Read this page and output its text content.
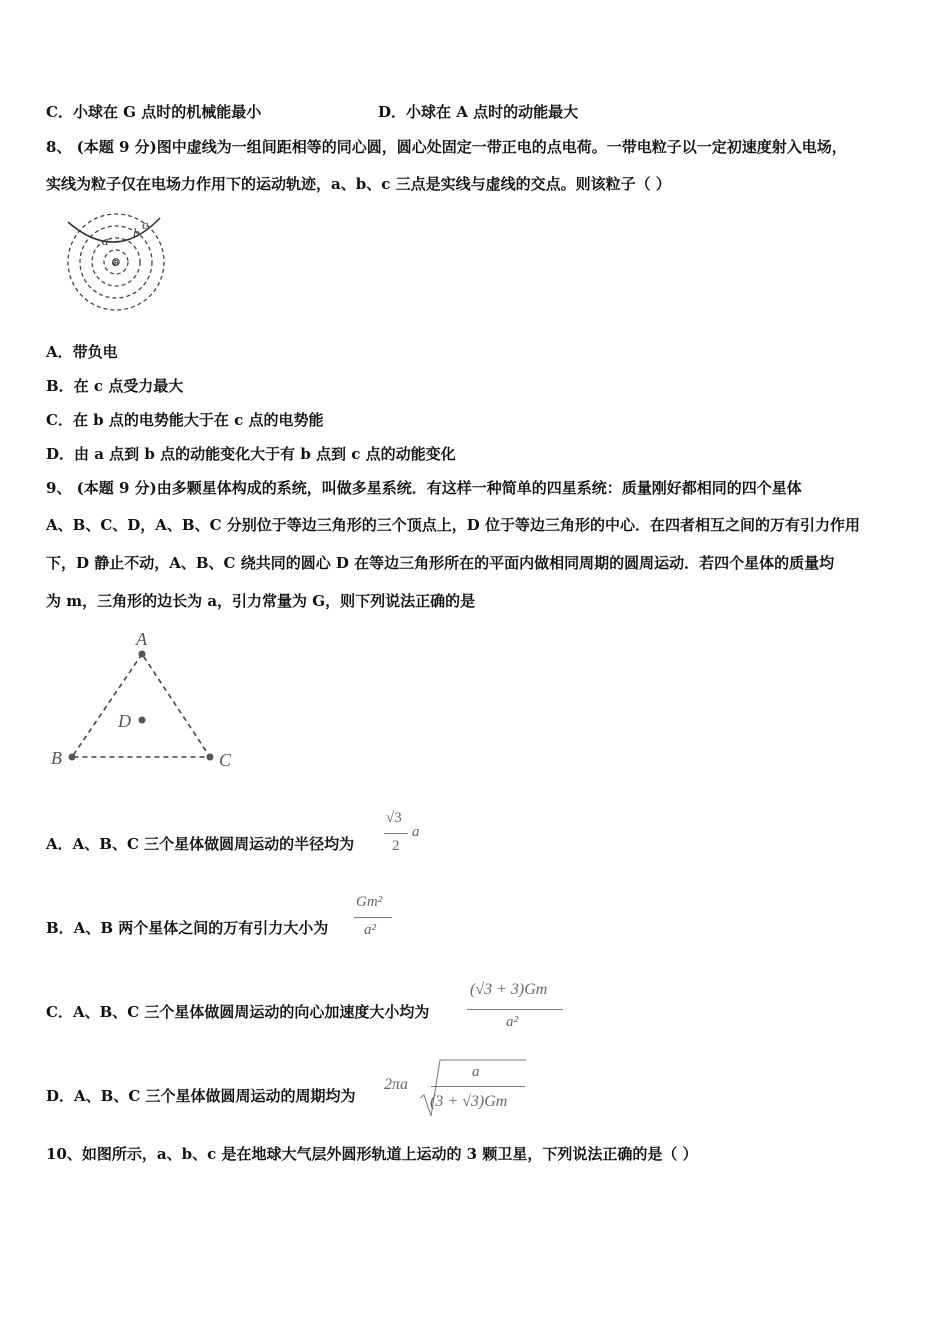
C．小球在 G 点时的机械能最小	D．小球在 A 点时的动能最大
8、 (本题 9 分)图中虚线为一组间距相等的同心圆，圆心处固定一带正电的点电荷。一带电粒子以一定初速度射入电场，
实线为粒子仅在电场力作用下的运动轨迹，a、b、c 三点是实线与虚线的交点。则该粒子（ ）
⊕
a
b
c
A．带负电
B．在 c 点受力最大
C．在 b 点的电势能大于在 c 点的电势能
D．由 a 点到 b 点的动能变化大于有 b 点到 c 点的动能变化
9、 (本题 9 分)由多颗星体构成的系统，叫做多星系统．有这样一种简单的四星系统：质量刚好都相同的四个星体
A、B、C、D，A、B、C 分别位于等边三角形的三个顶点上，D 位于等边三角形的中心．在四者相互之间的万有引力作用
下，D 静止不动，A、B、C 绕共同的圆心 D 在等边三角形所在的平面内做相同周期的圆周运动．若四个星体的质量均
为 m，三角形的边长为 a，引力常量为 G，则下列说法正确的是
A
B	C
D
A．A、B、C 三个星体做圆周运动的半径均为
√3
2
a
B．A、B 两个星体之间的万有引力大小为
Gm²
a²
C．A、B、C 三个星体做圆周运动的向心加速度大小均为
(√3 + 3)Gm
a²
D．A、B、C 三个星体做圆周运动的周期均为
2πa
a
(3 + √3)Gm
10、如图所示，a、b、c 是在地球大气层外圆形轨道上运动的 3 颗卫星，下列说法正确的是（ ）
